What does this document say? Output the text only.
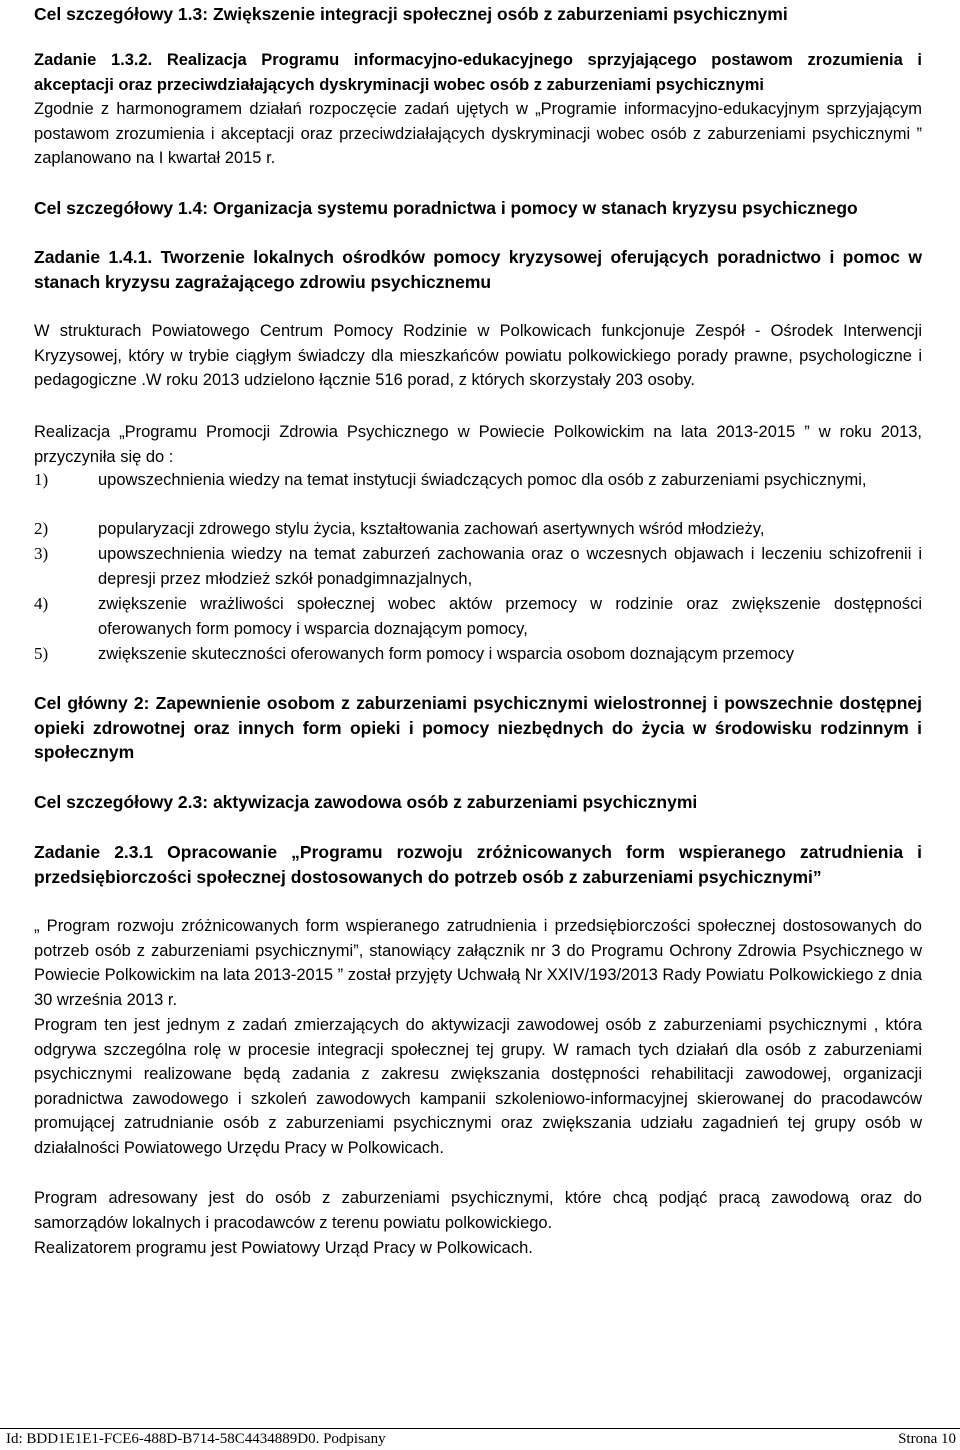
Cel szczegółowy 1.3: Zwiększenie integracji społecznej osób z zaburzeniami psychicznymi
Zadanie 1.3.2. Realizacja Programu informacyjno-edukacyjnego sprzyjającego postawom zrozumienia i akceptacji oraz przeciwdziałających dyskryminacji wobec osób z zaburzeniami psychicznymi
Zgodnie z harmonogramem działań rozpoczęcie zadań ujętych w „Programie informacyjno-edukacyjnym sprzyjającym postawom zrozumienia i akceptacji oraz przeciwdziałających dyskryminacji wobec osób z zaburzeniami psychicznymi ” zaplanowano na I kwartał 2015 r.
Cel szczegółowy 1.4: Organizacja systemu poradnictwa i pomocy w stanach kryzysu psychicznego
Zadanie 1.4.1. Tworzenie lokalnych ośrodków pomocy kryzysowej oferujących poradnictwo i pomoc w stanach kryzysu zagrażającego zdrowiu psychicznemu
W strukturach Powiatowego Centrum Pomocy Rodzinie w Polkowicach funkcjonuje Zespół - Ośrodek Interwencji Kryzysowej, który w trybie ciągłym świadczy dla mieszkańców powiatu polkowickiego porady prawne, psychologiczne i pedagogiczne .W roku 2013 udzielono łącznie 516 porad, z których skorzystały 203 osoby.
Realizacja „Programu Promocji Zdrowia Psychicznego w Powiecie Polkowickim na lata 2013-2015 ” w roku 2013, przyczyniła się do :
1)	upowszechnienia wiedzy na temat instytucji świadczących pomoc dla osób z zaburzeniami psychicznymi,
2)	popularyzacji zdrowego stylu życia, kształtowania zachowań asertywnych wśród młodzieży,
3)	upowszechnienia wiedzy na temat zaburzeń zachowania oraz o wczesnych objawach i leczeniu schizofrenii i depresji przez młodzież szkół ponadgimnazjalnych,
4)	zwiększenie wrażliwości społecznej wobec aktów przemocy w rodzinie oraz zwiększenie dostępności oferowanych form pomocy i wsparcia doznającym pomocy,
5)	zwiększenie skuteczności oferowanych form pomocy i wsparcia osobom doznającym przemocy
Cel główny 2: Zapewnienie osobom z zaburzeniami psychicznymi wielostronnej i powszechnie dostępnej opieki zdrowotnej oraz innych form opieki i pomocy niezbędnych do życia w środowisku rodzinnym i społecznym
Cel szczegółowy 2.3: aktywizacja zawodowa osób z zaburzeniami psychicznymi
Zadanie 2.3.1 Opracowanie „Programu rozwoju zróżnicowanych form wspieranego zatrudnienia i przedsiębiorczości społecznej dostosowanych do potrzeb osób z zaburzeniami psychicznymi”
„ Program rozwoju zróżnicowanych form wspieranego zatrudnienia i przedsiębiorczości społecznej dostosowanych do potrzeb osób z zaburzeniami psychicznymi”, stanowiący załącznik nr 3 do Programu Ochrony Zdrowia Psychicznego w Powiecie Polkowickim na lata 2013-2015 ” został przyjęty Uchwałą Nr XXIV/193/2013 Rady Powiatu Polkowickiego z dnia 30 września 2013 r.
Program ten jest jednym z zadań zmierzających do aktywizacji zawodowej osób z zaburzeniami psychicznymi , która odgrywa szczególna rolę w procesie integracji społecznej tej grupy. W ramach tych działań dla osób z zaburzeniami psychicznymi realizowane będą zadania z zakresu zwiększania dostępności rehabilitacji zawodowej, organizacji poradnictwa zawodowego i szkoleń zawodowych kampanii szkoleniowo-informacyjnej skierowanej do pracodawców promującej zatrudnianie osób z zaburzeniami psychicznymi oraz zwiększania udziału zagadnień tej grupy osób w działalności Powiatowego Urzędu Pracy w Polkowicach.
Program adresowany jest do osób z zaburzeniami psychicznymi, które chcą podjąć pracą zawodową oraz do samorządów lokalnych i pracodawców z terenu powiatu polkowickiego.
Realizatorem programu jest Powiatowy Urząd Pracy w Polkowicach.
Id: BDD1E1E1-FCE6-488D-B714-58C4434889D0. Podpisany	Strona 10
